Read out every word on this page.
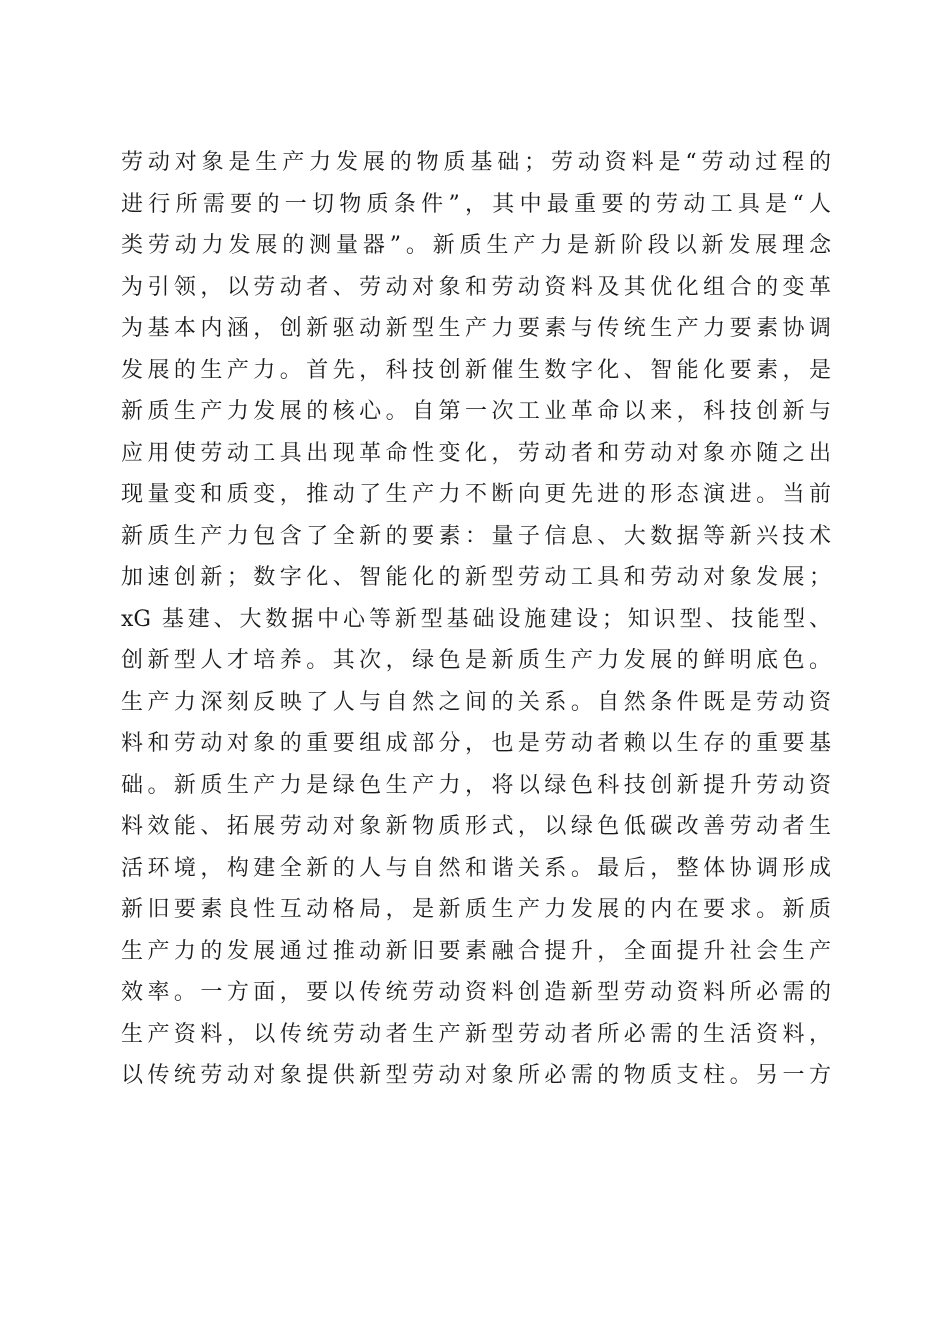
劳动对象是生产力发展的物质基础；劳动资料是“劳动过程的
进行所需要的一切物质条件”，其中最重要的劳动工具是“人
类劳动力发展的测量器”。新质生产力是新阶段以新发展理念
为引领，以劳动者、劳动对象和劳动资料及其优化组合的变革
为基本内涵，创新驱动新型生产力要素与传统生产力要素协调
发展的生产力。首先，科技创新催生数字化、智能化要素，是
新质生产力发展的核心。自第一次工业革命以来，科技创新与
应用使劳动工具出现革命性变化，劳动者和劳动对象亦随之出
现量变和质变，推动了生产力不断向更先进的形态演进。当前
新质生产力包含了全新的要素：量子信息、大数据等新兴技术
加速创新；数字化、智能化的新型劳动工具和劳动对象发展；
xG 基建、大数据中心等新型基础设施建设；知识型、技能型、
创新型人才培养。其次，绿色是新质生产力发展的鲜明底色。
生产力深刻反映了人与自然之间的关系。自然条件既是劳动资
料和劳动对象的重要组成部分，也是劳动者赖以生存的重要基
础。新质生产力是绿色生产力，将以绿色科技创新提升劳动资
料效能、拓展劳动对象新物质形式，以绿色低碳改善劳动者生
活环境，构建全新的人与自然和谐关系。最后，整体协调形成
新旧要素良性互动格局，是新质生产力发展的内在要求。新质
生产力的发展通过推动新旧要素融合提升，全面提升社会生产
效率。一方面，要以传统劳动资料创造新型劳动资料所必需的
生产资料，以传统劳动者生产新型劳动者所必需的生活资料，
以传统劳动对象提供新型劳动对象所必需的物质支柱。另一方
